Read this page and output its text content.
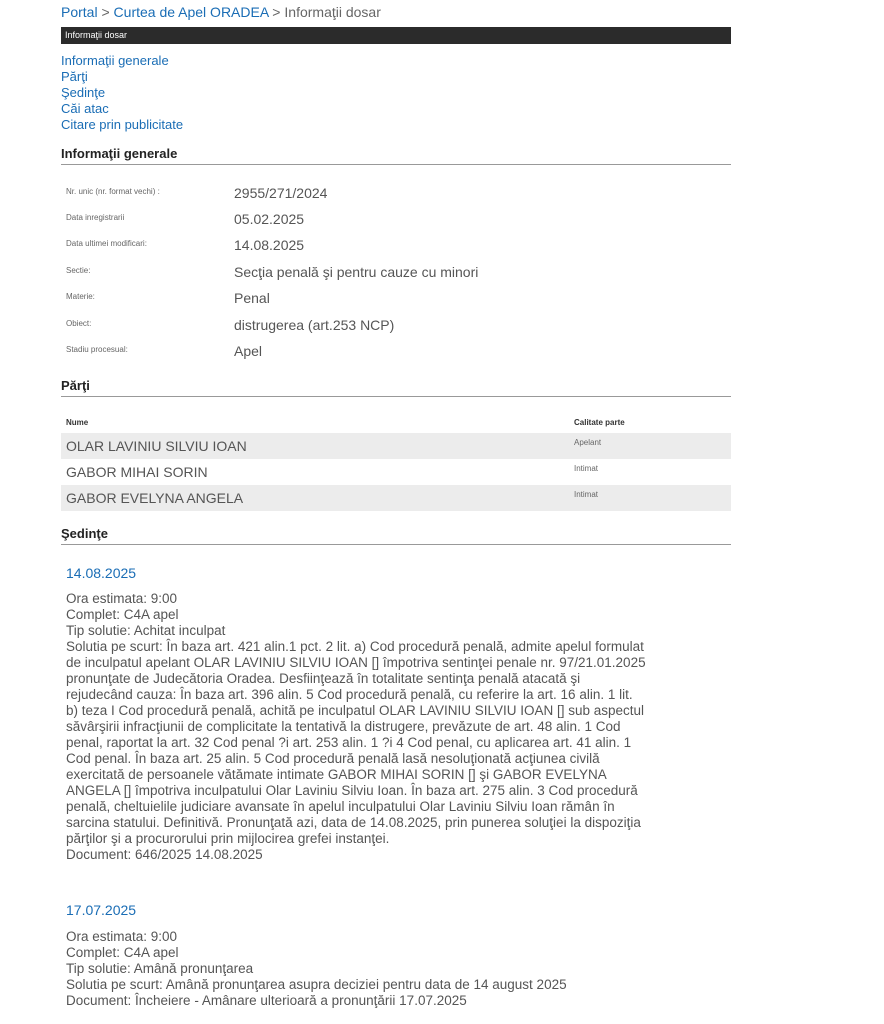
Portal > Curtea de Apel ORADEA > Informaţii dosar
Informaţii dosar
Informaţii generale
Părţi
Şedinţe
Căi atac
Citare prin publicitate
Informaţii generale
Nr. unic (nr. format vechi) :	2955/271/2024
Data inregistrarii	05.02.2025
Data ultimei modificari:	14.08.2025
Sectie:	Secţia penală şi pentru cauze cu minori
Materie:	Penal
Obiect:	distrugerea (art.253 NCP)
Stadiu procesual:	Apel
Părţi
Nume	Calitate parte
OLAR LAVINIU SILVIU IOAN	Apelant
GABOR MIHAI SORIN	Intimat
GABOR EVELYNA ANGELA	Intimat
Şedinţe
14.08.2025
Ora estimata: 9:00
Complet: C4A apel
Tip solutie: Achitat inculpat
Solutia pe scurt: În baza art. 421 alin.1 pct. 2 lit. a) Cod procedură penală, admite apelul formulat
de inculpatul apelant OLAR LAVINIU SILVIU IOAN [] împotriva sentinţei penale nr. 97/21.01.2025
pronunţate de Judecătoria Oradea. Desfiinţează în totalitate sentinţa penală atacată şi
rejudecând cauza: În baza art. 396 alin. 5 Cod procedură penală, cu referire la art. 16 alin. 1 lit.
b) teza I Cod procedură penală, achită pe inculpatul OLAR LAVINIU SILVIU IOAN [] sub aspectul
săvârşirii infracţiunii de complicitate la tentativă la distrugere, prevăzute de art. 48 alin. 1 Cod
penal, raportat la art. 32 Cod penal ?i art. 253 alin. 1 ?i 4 Cod penal, cu aplicarea art. 41 alin. 1
Cod penal. În baza art. 25 alin. 5 Cod procedură penală lasă nesoluţionată acţiunea civilă
exercitată de persoanele vătămate intimate GABOR MIHAI SORIN [] şi GABOR EVELYNA
ANGELA [] împotriva inculpatului Olar Laviniu Silviu Ioan. În baza art. 275 alin. 3 Cod procedură
penală, cheltuielile judiciare avansate în apelul inculpatului Olar Laviniu Silviu Ioan rămân în
sarcina statului. Definitivă. Pronunţată azi, data de 14.08.2025, prin punerea soluţiei la dispoziţia
părţilor şi a procurorului prin mijlocirea grefei instanţei.
Document: 646/2025 14.08.2025
17.07.2025
Ora estimata: 9:00
Complet: C4A apel
Tip solutie: Amână pronunţarea
Solutia pe scurt: Amână pronunţarea asupra deciziei pentru data de 14 august 2025
Document: Încheiere - Amânare ulterioară a pronunţării 17.07.2025
